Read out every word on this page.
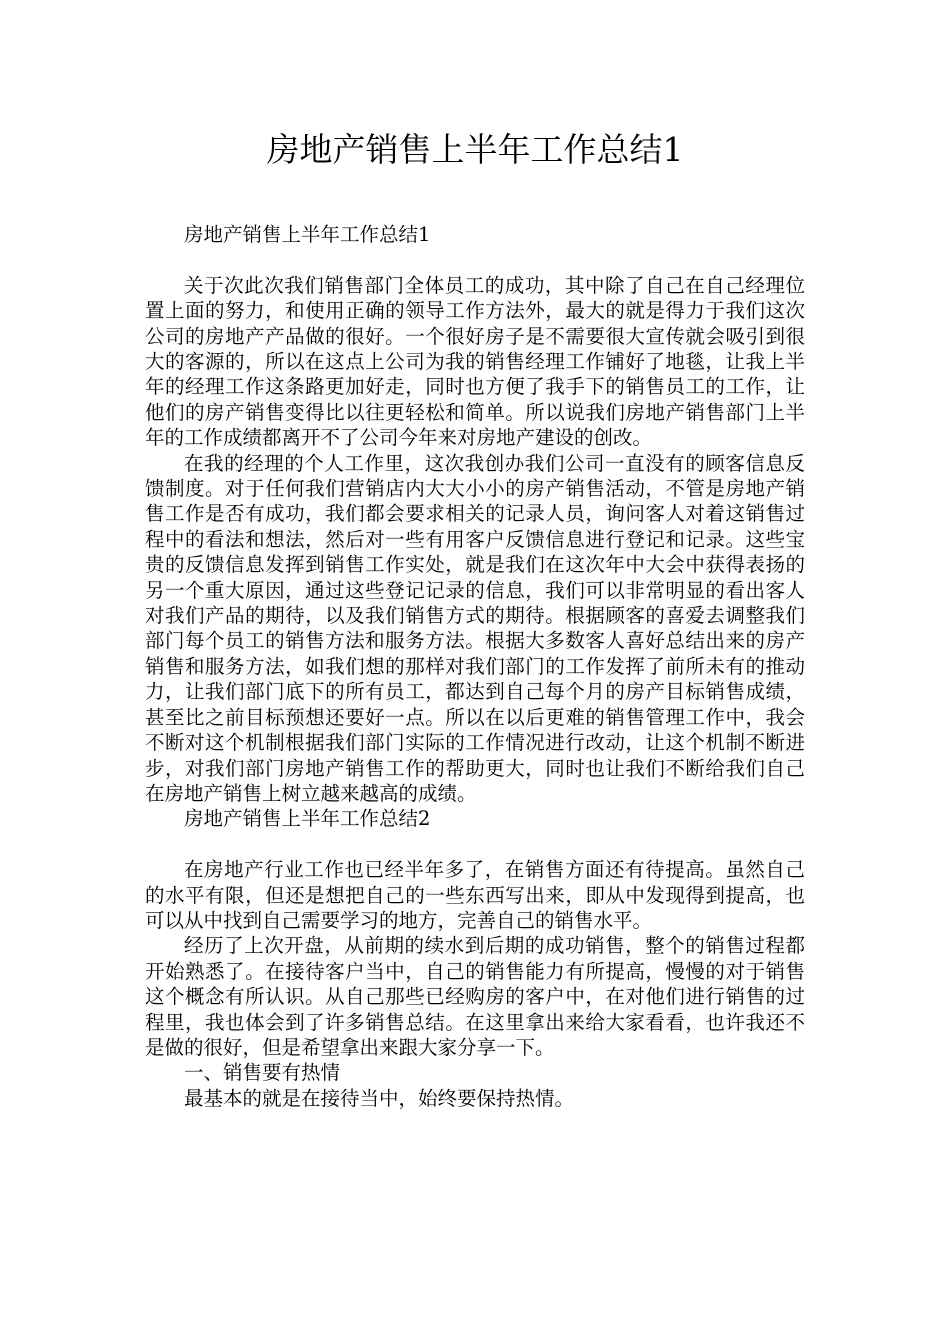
房地产销售上半年工作总结1

房地产销售上半年工作总结1

关于次此次我们销售部门全体员工的成功，其中除了自己在自己经理位置上面的努力，和使用正确的领导工作方法外，最大的就是得力于我们这次公司的房地产产品做的很好。一个很好房子是不需要很大宣传就会吸引到很大的客源的，所以在这点上公司为我的销售经理工作铺好了地毯，让我上半年的经理工作这条路更加好走，同时也方便了我手下的销售员工的工作，让他们的房产销售变得比以往更轻松和简单。所以说我们房地产销售部门上半年的工作成绩都离开不了公司今年来对房地产建设的创改。

在我的经理的个人工作里，这次我创办我们公司一直没有的顾客信息反馈制度。对于任何我们营销店内大大小小的房产销售活动，不管是房地产销售工作是否有成功，我们都会要求相关的记录人员，询问客人对着这销售过程中的看法和想法，然后对一些有用客户反馈信息进行登记和记录。这些宝贵的反馈信息发挥到销售工作实处，就是我们在这次年中大会中获得表扬的另一个重大原因，通过这些登记记录的信息，我们可以非常明显的看出客人对我们产品的期待，以及我们销售方式的期待。根据顾客的喜爱去调整我们部门每个员工的销售方法和服务方法。根据大多数客人喜好总结出来的房产销售和服务方法，如我们想的那样对我们部门的工作发挥了前所未有的推动力，让我们部门底下的所有员工，都达到自己每个月的房产目标销售成绩，甚至比之前目标预想还要好一点。所以在以后更难的销售管理工作中，我会不断对这个机制根据我们部门实际的工作情况进行改动，让这个机制不断进步，对我们部门房地产销售工作的帮助更大，同时也让我们不断给我们自己在房地产销售上树立越来越高的成绩。

房地产销售上半年工作总结2

在房地产行业工作也已经半年多了，在销售方面还有待提高。虽然自己的水平有限，但还是想把自己的一些东西写出来，即从中发现得到提高，也可以从中找到自己需要学习的地方，完善自己的销售水平。

经历了上次开盘，从前期的续水到后期的成功销售，整个的销售过程都开始熟悉了。在接待客户当中，自己的销售能力有所提高，慢慢的对于销售这个概念有所认识。从自己那些已经购房的客户中，在对他们进行销售的过程里，我也体会到了许多销售总结。在这里拿出来给大家看看，也许我还不是做的很好，但是希望拿出来跟大家分享一下。

一、销售要有热情

最基本的就是在接待当中，始终要保持热情。
